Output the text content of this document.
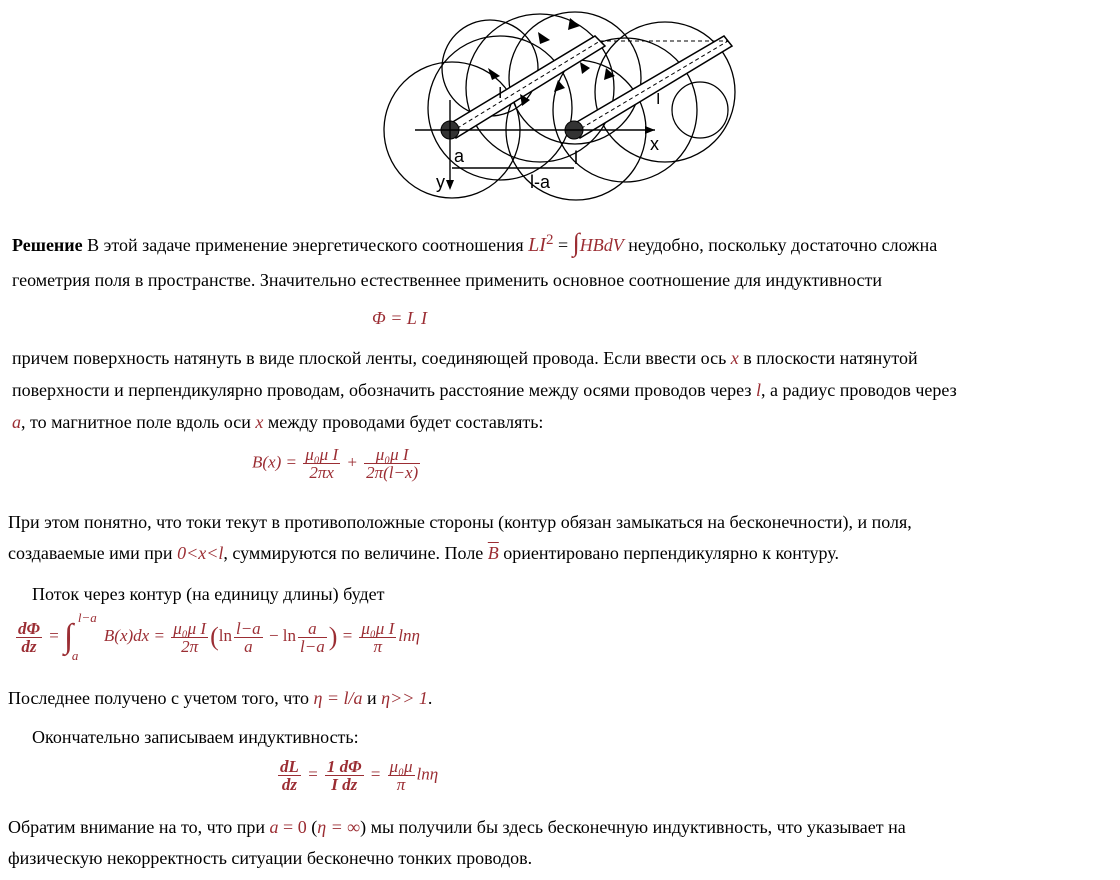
a
y
x
l
l-a
I	I
Решение В этой задаче применение энергетического соотношения $LI^2$ = ∫HBdV неудобно, поскольку достаточно сложна
геометрия поля в пространстве. Значительно естественнее применить основное соотношение для индуктивности
Φ = L I
причем поверхность натянуть в виде плоской ленты, соединяющей провода. Если ввести ось x в плоскости натянутой
поверхности и перпендикулярно проводам, обозначить расстояние между осями проводов через l, а радиус проводов через
a, то магнитное поле вдоль оси x между проводами будет составлять:
$B(x) = \frac{\text{μ₀μ I}}{2\pi x} + \frac{\text{μ₀μ I}}{2\pi(l-x)}$
При этом понятно, что токи текут в противоположные стороны (контур обязан замыкаться на бесконечности), и поля,
создаваемые ими при 0<x<l, суммируются по величине. Поле $\overline{B}$ ориентировано перпендикулярно к контуру.
Поток через контур (на единицу длины) будет
$\frac{d\Phi}{dz}$ = ∫
l−a
a
$B(x)dx = \frac{\text{μ₀μ I}}{2\pi} (\ln \frac{l-a}{a} - \ln \frac{a}{l-a}$ ) = $\frac{\text{μ₀μ I}}{\pi}$ lnη
Последнее получено с учетом того, что η = l/a и η>> 1.
Окончательно записываем индуктивность:
$\frac{dL}{dz} = \frac{1 d\Phi}{\text{I dz}} = \frac{\text{μ₀μ}}{\pi}$ lnη
Обратим внимание на то, что при a = 0 (η = ∞) мы получили бы здесь бесконечную индуктивность, что указывает на
физическую некорректность ситуации бесконечно тонких проводов.
